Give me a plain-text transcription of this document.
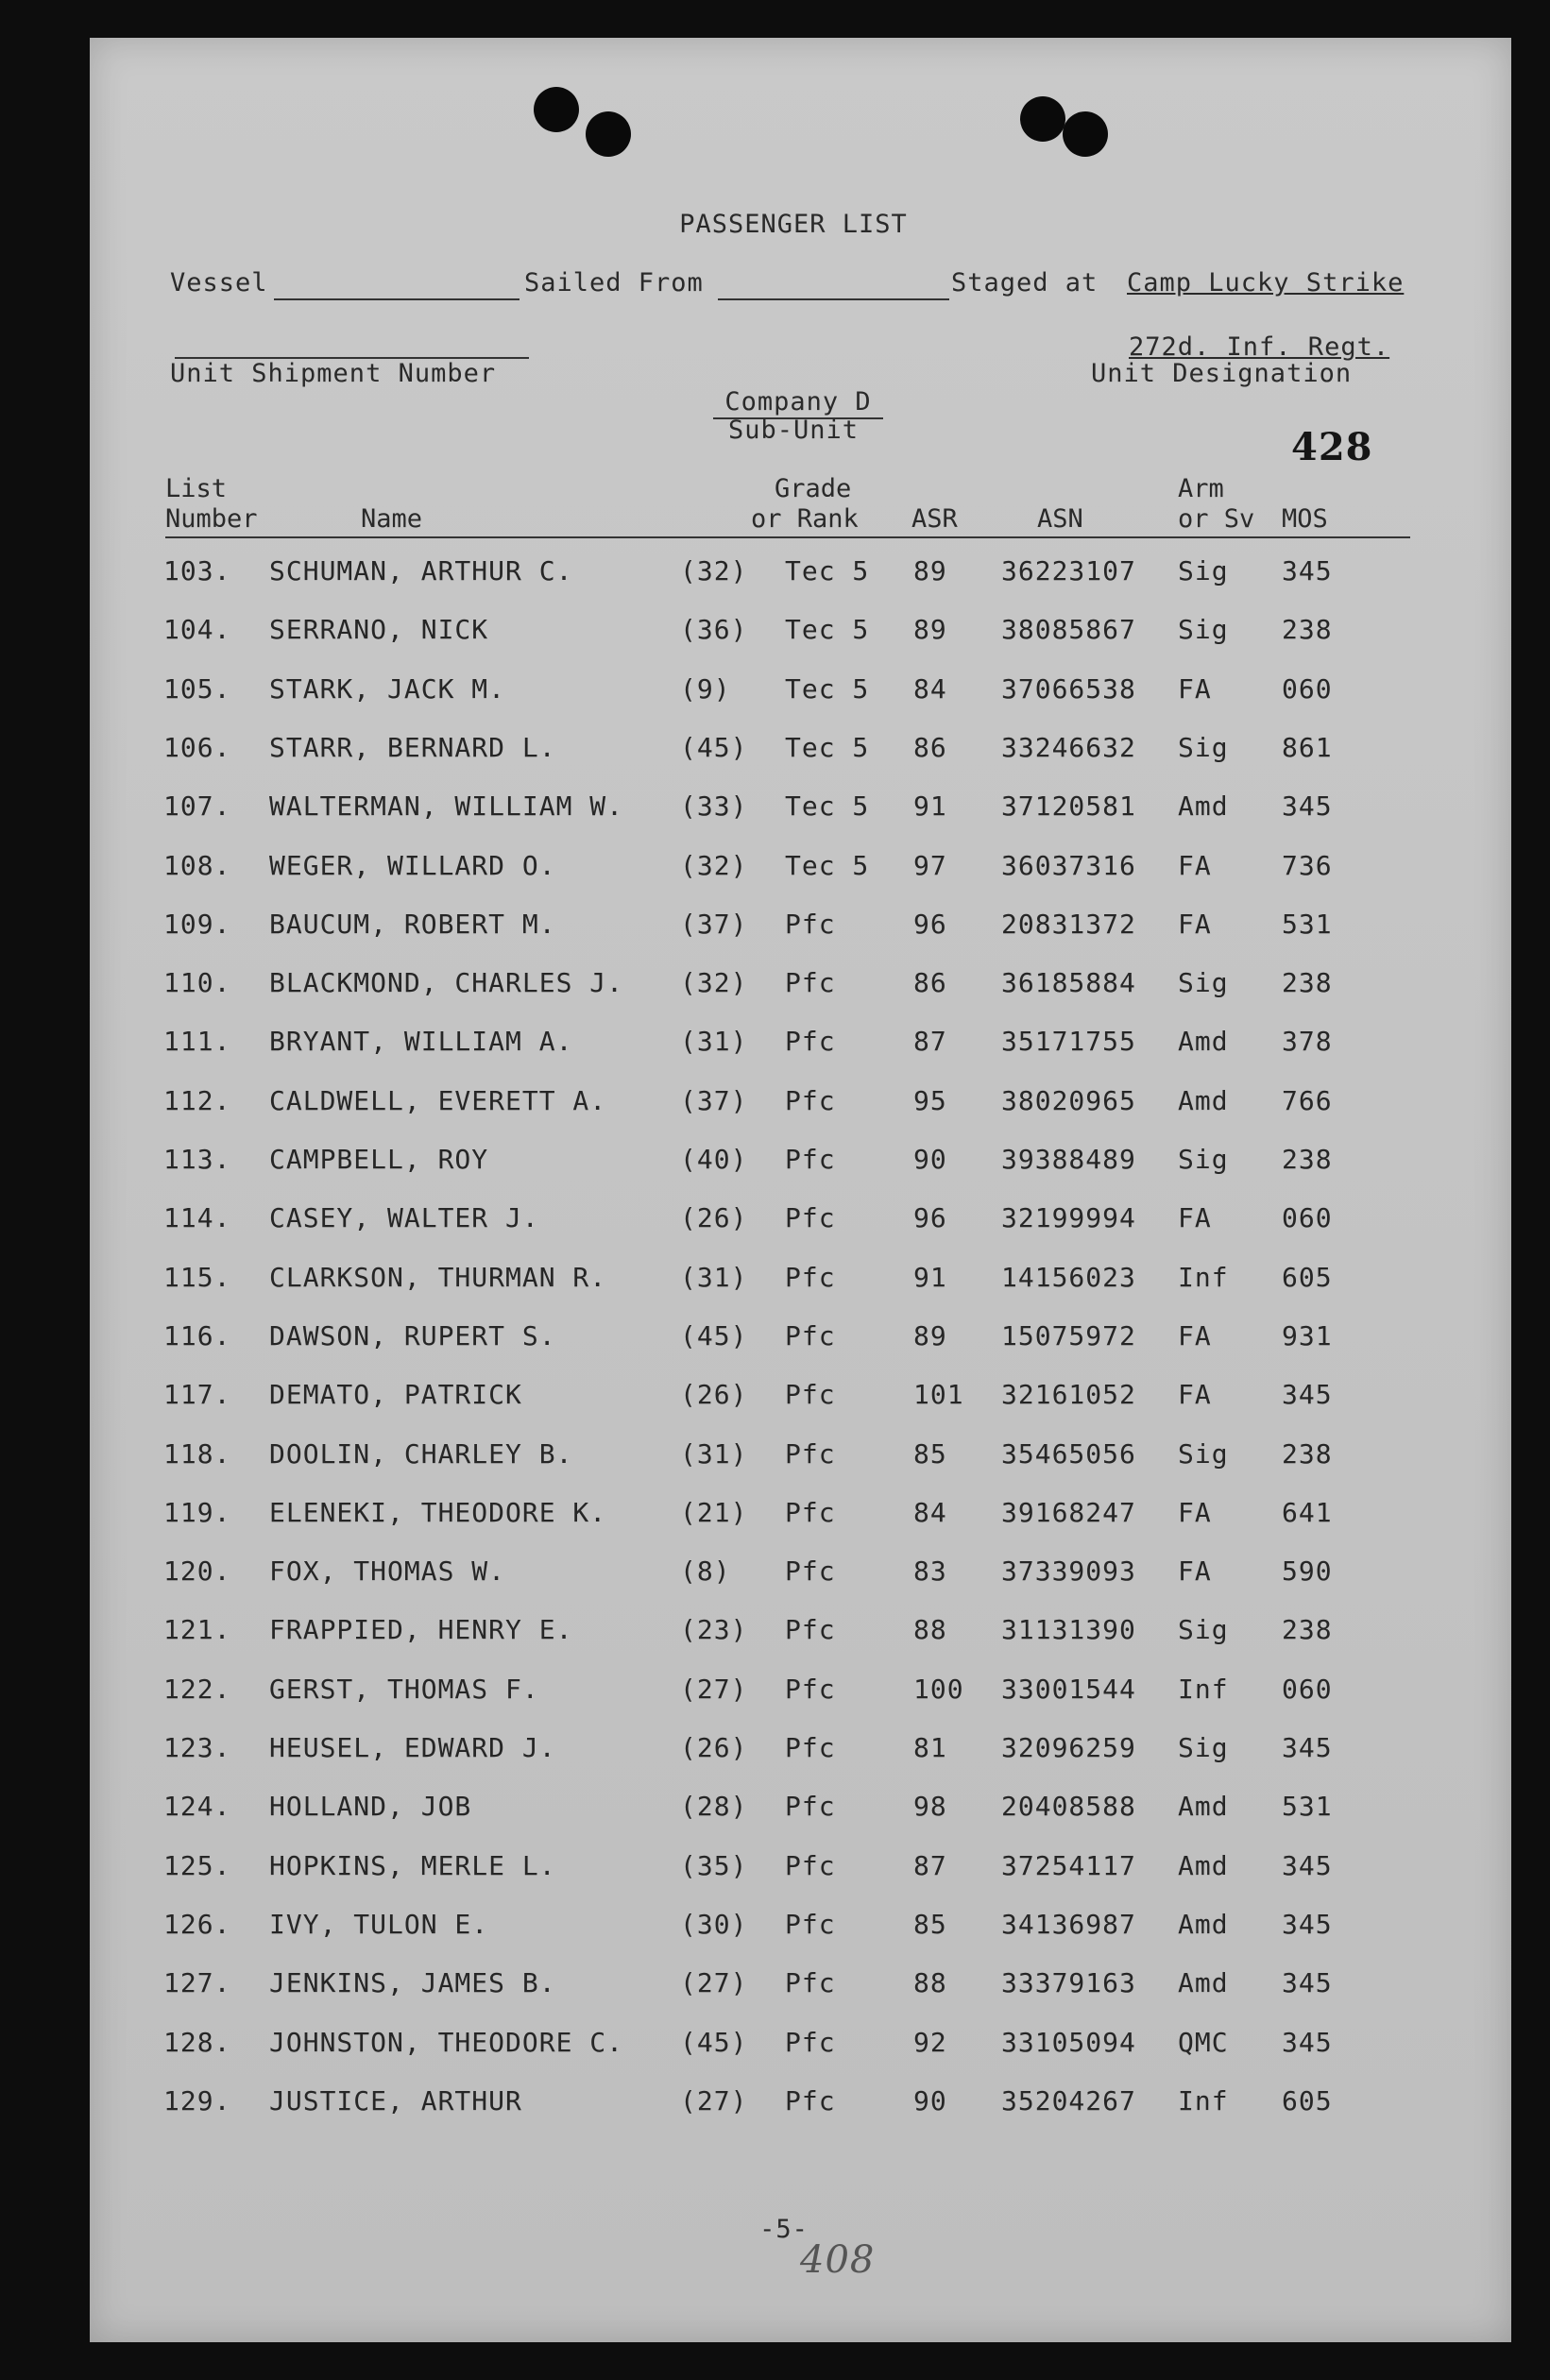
PASSENGER LIST
Vessel	Sailed From	Staged at Camp Lucky Strike
272d. Inf. Regt.
Unit Designation
Unit Shipment Number
Company D
Sub-Unit	428
List
Number	Name
Grade
or Rank ASR	ASN
Arm
or Sv MOS
103. SCHUMAN, ARTHUR C.	(32) Tec 5 89 36223107 Sig 345
104. SERRANO, NICK	(36) Tec 5 89 38085867 Sig 238
105. STARK, JACK M.	(9) Tec 5 84 37066538 FA	060
106. STARR, BERNARD L.	(45) Tec 5 86 33246632 Sig 861
107. WALTERMAN, WILLIAM W. (33) Tec 5 91 37120581 Amd 345
108. WEGER, WILLARD O.	(32) Tec 5 97 36037316 FA	736
109. BAUCUM, ROBERT M.	(37) Pfc	96 20831372 FA	531
110. BLACKMOND, CHARLES J. (32) Pfc	86 36185884 Sig 238
111. BRYANT, WILLIAM A.	(31) Pfc	87 35171755 Amd 378
112. CALDWELL, EVERETT A.	(37) Pfc	95 38020965 Amd 766
113. CAMPBELL, ROY	(40) Pfc	90 39388489 Sig 238
114. CASEY, WALTER J.	(26) Pfc	96 32199994 FA	060
115. CLARKSON, THURMAN R.	(31) Pfc	91 14156023 Inf 605
116. DAWSON, RUPERT S.	(45) Pfc	89 15075972 FA	931
117. DEMATO, PATRICK	(26) Pfc	101 32161052 FA	345
118. DOOLIN, CHARLEY B.	(31) Pfc	85 35465056 Sig 238
119. ELENEKI, THEODORE K.	(21) Pfc	84 39168247 FA	641
120. FOX, THOMAS W.	(8) Pfc	83 37339093 FA	590
121. FRAPPIED, HENRY E.	(23) Pfc	88 31131390 Sig 238
122. GERST, THOMAS F.	(27) Pfc	100 33001544 Inf 060
123. HEUSEL, EDWARD J.	(26) Pfc	81 32096259 Sig 345
124. HOLLAND, JOB	(28) Pfc	98 20408588 Amd 531
125. HOPKINS, MERLE L.	(35) Pfc	87 37254117 Amd 345
126. IVY, TULON E.	(30) Pfc	85 34136987 Amd 345
127. JENKINS, JAMES B.	(27) Pfc	88 33379163 Amd 345
128. JOHNSTON, THEODORE C. (45) Pfc	92 33105094 QMC 345
129. JUSTICE, ARTHUR	(27) Pfc	90 35204267 Inf 605
-5-
408
